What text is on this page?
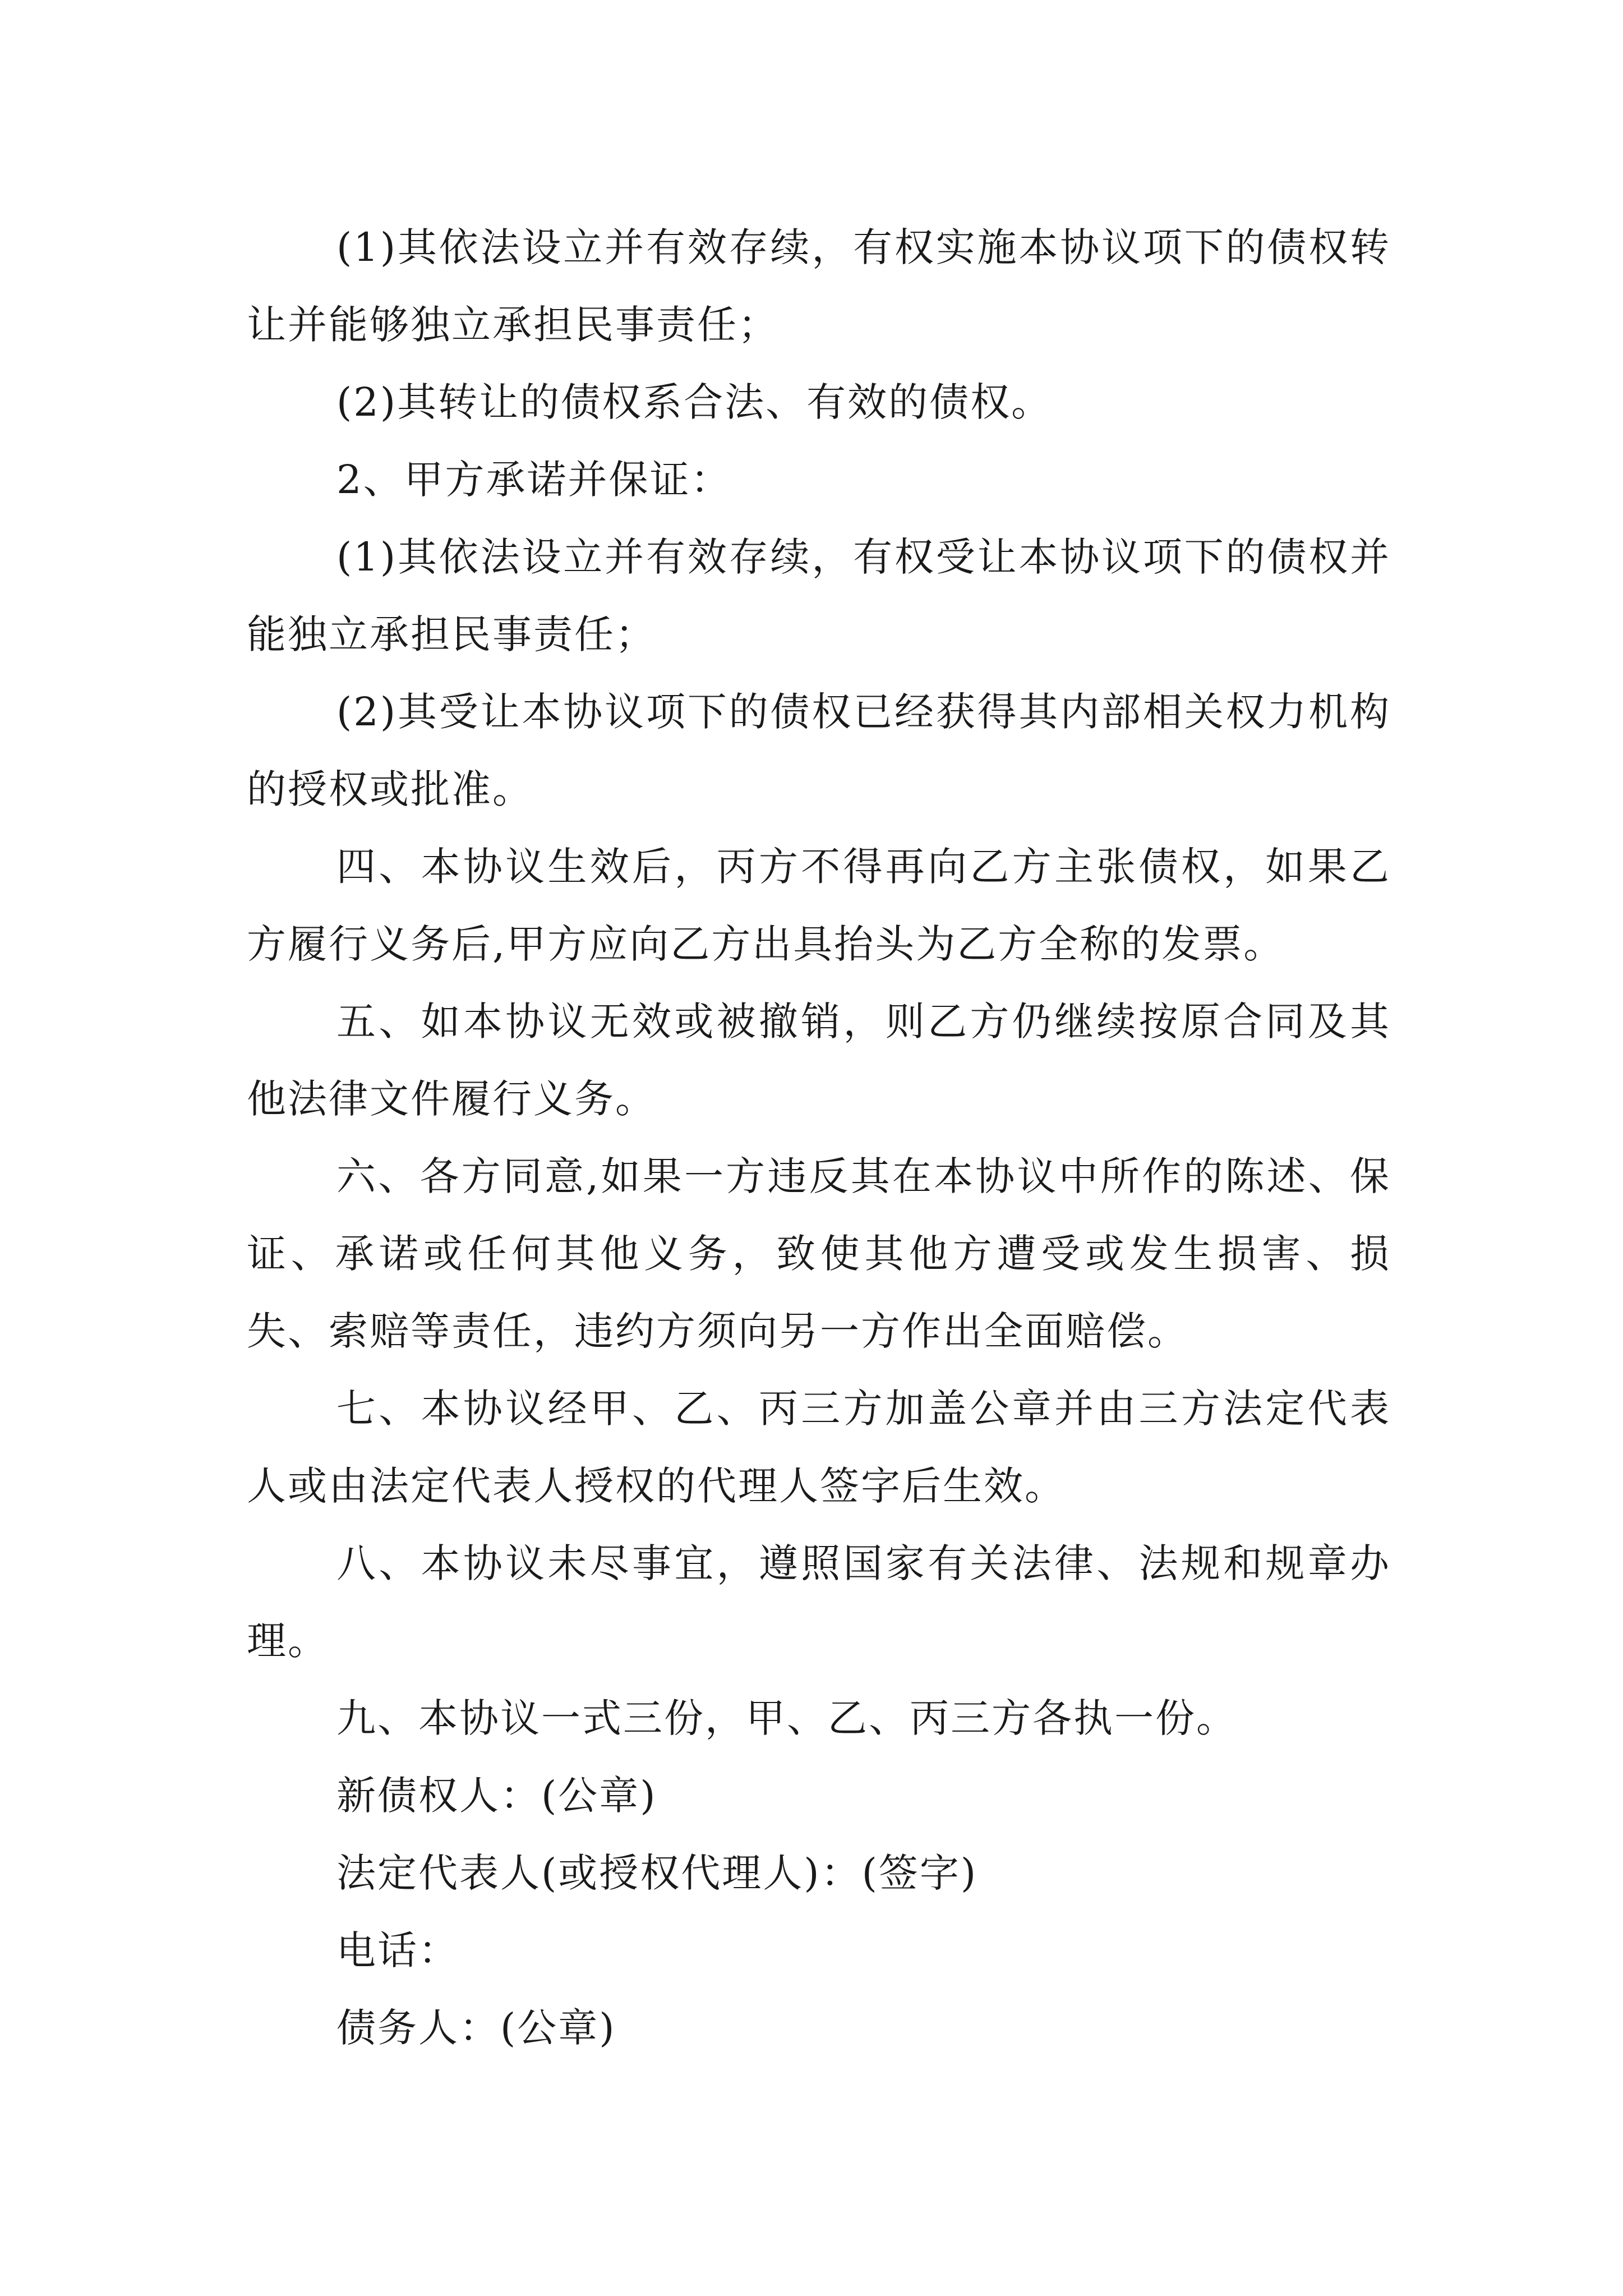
(1)其依法设立并有效存续，有权实施本协议项下的债权转让并能够独立承担民事责任；

(2)其转让的债权系合法、有效的债权。

2、甲方承诺并保证：

(1)其依法设立并有效存续，有权受让本协议项下的债权并能独立承担民事责任；

(2)其受让本协议项下的债权已经获得其内部相关权力机构的授权或批准。

四、本协议生效后，丙方不得再向乙方主张债权，如果乙方履行义务后,甲方应向乙方出具抬头为乙方全称的发票。

五、如本协议无效或被撤销，则乙方仍继续按原合同及其他法律文件履行义务。

六、各方同意,如果一方违反其在本协议中所作的陈述、保证、承诺或任何其他义务，致使其他方遭受或发生损害、损失、索赔等责任，违约方须向另一方作出全面赔偿。

七、本协议经甲、乙、丙三方加盖公章并由三方法定代表人或由法定代表人授权的代理人签字后生效。

八、本协议未尽事宜，遵照国家有关法律、法规和规章办理。

九、本协议一式三份，甲、乙、丙三方各执一份。

新债权人：(公章)

法定代表人(或授权代理人)：(签字)

电话：

债务人：(公章)
